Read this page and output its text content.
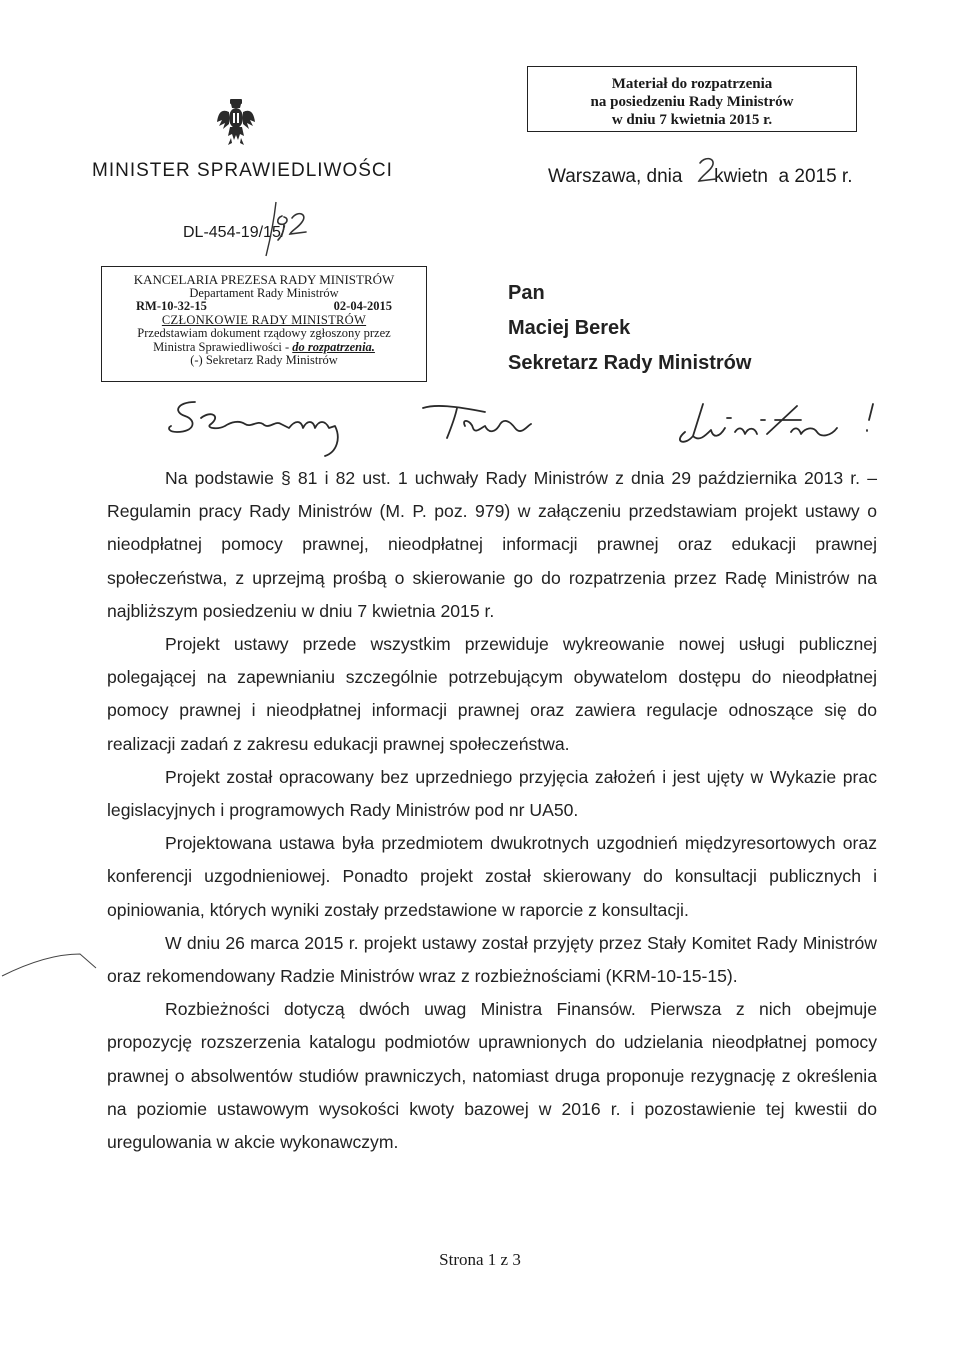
Materiał do rozpatrzenia
na posiedzeniu Rady Ministrów
w dniu 7 kwietnia 2015 r.
MINISTER SPRAWIEDLIWOŚCI	Warszawa, dnia      kwietn  a 2015 r.
DL-454-19/15/
KANCELARIA PREZESA RADY MINISTRÓW
Departament Rady Ministrów
RM-10-32-15	02-04-2015
CZŁONKOWIE RADY MINISTRÓW
Przedstawiam dokument rządowy zgłoszony przez
Ministra Sprawiedliwości - do rozpatrzenia.
(-) Sekretarz Rady Ministrów
Pan
Maciej Berek
Sekretarz Rady Ministrów

Na podstawie § 81 i 82 ust. 1 uchwały Rady Ministrów z dnia 29 października 2013 r. – Regulamin pracy Rady Ministrów (M. P. poz. 979) w załączeniu przedstawiam projekt ustawy o nieodpłatnej pomocy prawnej, nieodpłatnej informacji prawnej oraz edukacji prawnej społeczeństwa, z uprzejmą prośbą o skierowanie go do rozpatrzenia przez Radę Ministrów na najbliższym posiedzeniu w dniu 7 kwietnia 2015 r.

Projekt ustawy przede wszystkim przewiduje wykreowanie nowej usługi publicznej polegającej na zapewnianiu szczególnie potrzebującym obywatelom dostępu do nieodpłatnej pomocy prawnej i nieodpłatnej informacji prawnej oraz zawiera regulacje odnoszące się do realizacji zadań z zakresu edukacji prawnej społeczeństwa.

Projekt został opracowany bez uprzedniego przyjęcia założeń i jest ujęty w Wykazie prac legislacyjnych i programowych Rady Ministrów pod nr UA50.

Projektowana ustawa była przedmiotem dwukrotnych uzgodnień międzyresortowych oraz konferencji uzgodnieniowej. Ponadto projekt został skierowany do konsultacji publicznych i opiniowania, których wyniki zostały przedstawione w raporcie z konsultacji.

W dniu 26 marca 2015 r. projekt ustawy został przyjęty przez Stały Komitet Rady Ministrów oraz rekomendowany Radzie Ministrów wraz z rozbieżnościami (KRM-10-15-15).

Rozbieżności dotyczą dwóch uwag Ministra Finansów. Pierwsza z nich obejmuje propozycję rozszerzenia katalogu podmiotów uprawnionych do udzielania nieodpłatnej pomocy prawnej o absolwentów studiów prawniczych, natomiast druga proponuje rezygnację z określenia na poziomie ustawowym wysokości kwoty bazowej w 2016 r. i pozostawienie tej kwestii do uregulowania w akcie wykonawczym.

Strona 1 z 3
